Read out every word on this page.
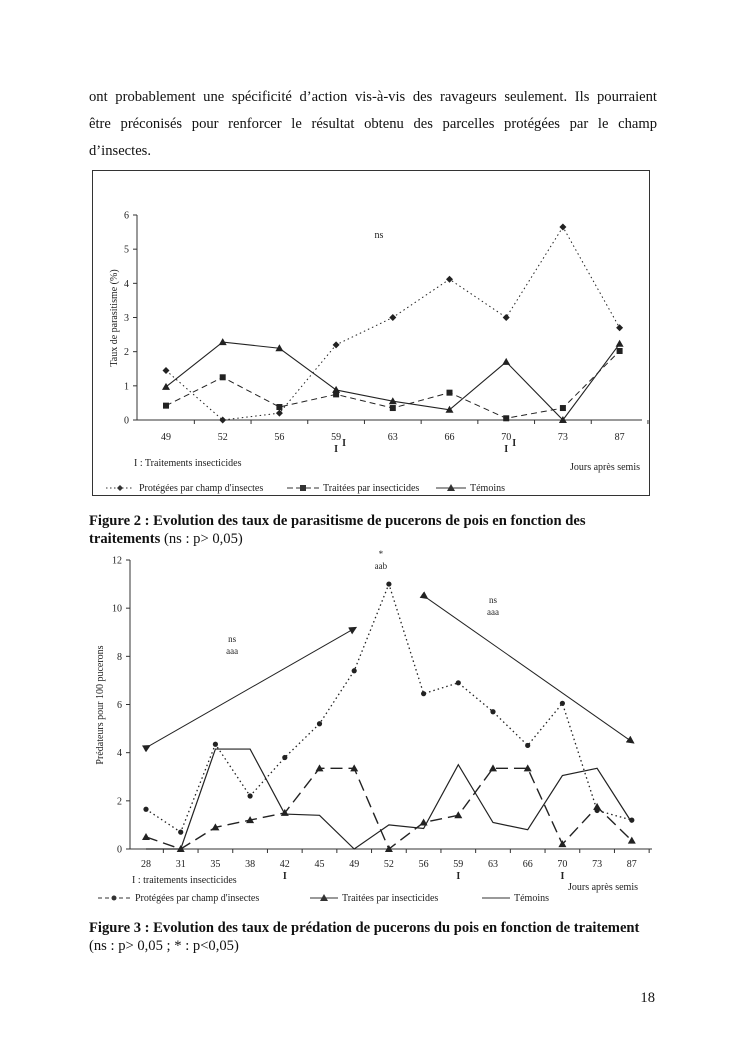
ont probablement une spécificité d’action vis-à-vis des ravageurs seulement. Ils pourraient
être préconisés pour renforcer le résultat obtenu des parcelles protégées par le champ
d’insectes.
Taux de parasitisme (%)
Jours après semis
I : Traitements insecticides
ns
0
1
2
3
4
5
6
49	52	56	59	63	66	70	73	87
I
I
I
I
Protégées par champ d'insectes	Traitées par insecticides	Témoins
Figure 2 : Evolution des taux de parasitisme de pucerons de pois en fonction des traitements (ns : p> 0,05)
Prédateurs pour 100 pucerons
Jours après semis
I : traitements insecticides
0
2
4
6
8
10
12
28 31 35 38 42 45 49 52 56 59 63 66 70 73 87
I	I	I
ns
aaa
*
aab
ns
aaa
Protégées par champ d'insectes	Traitées par insecticides	Témoins
Figure 3 : Evolution des taux de prédation de pucerons du pois en fonction de traitement
(ns : p> 0,05 ; * : p<0,05)
18
